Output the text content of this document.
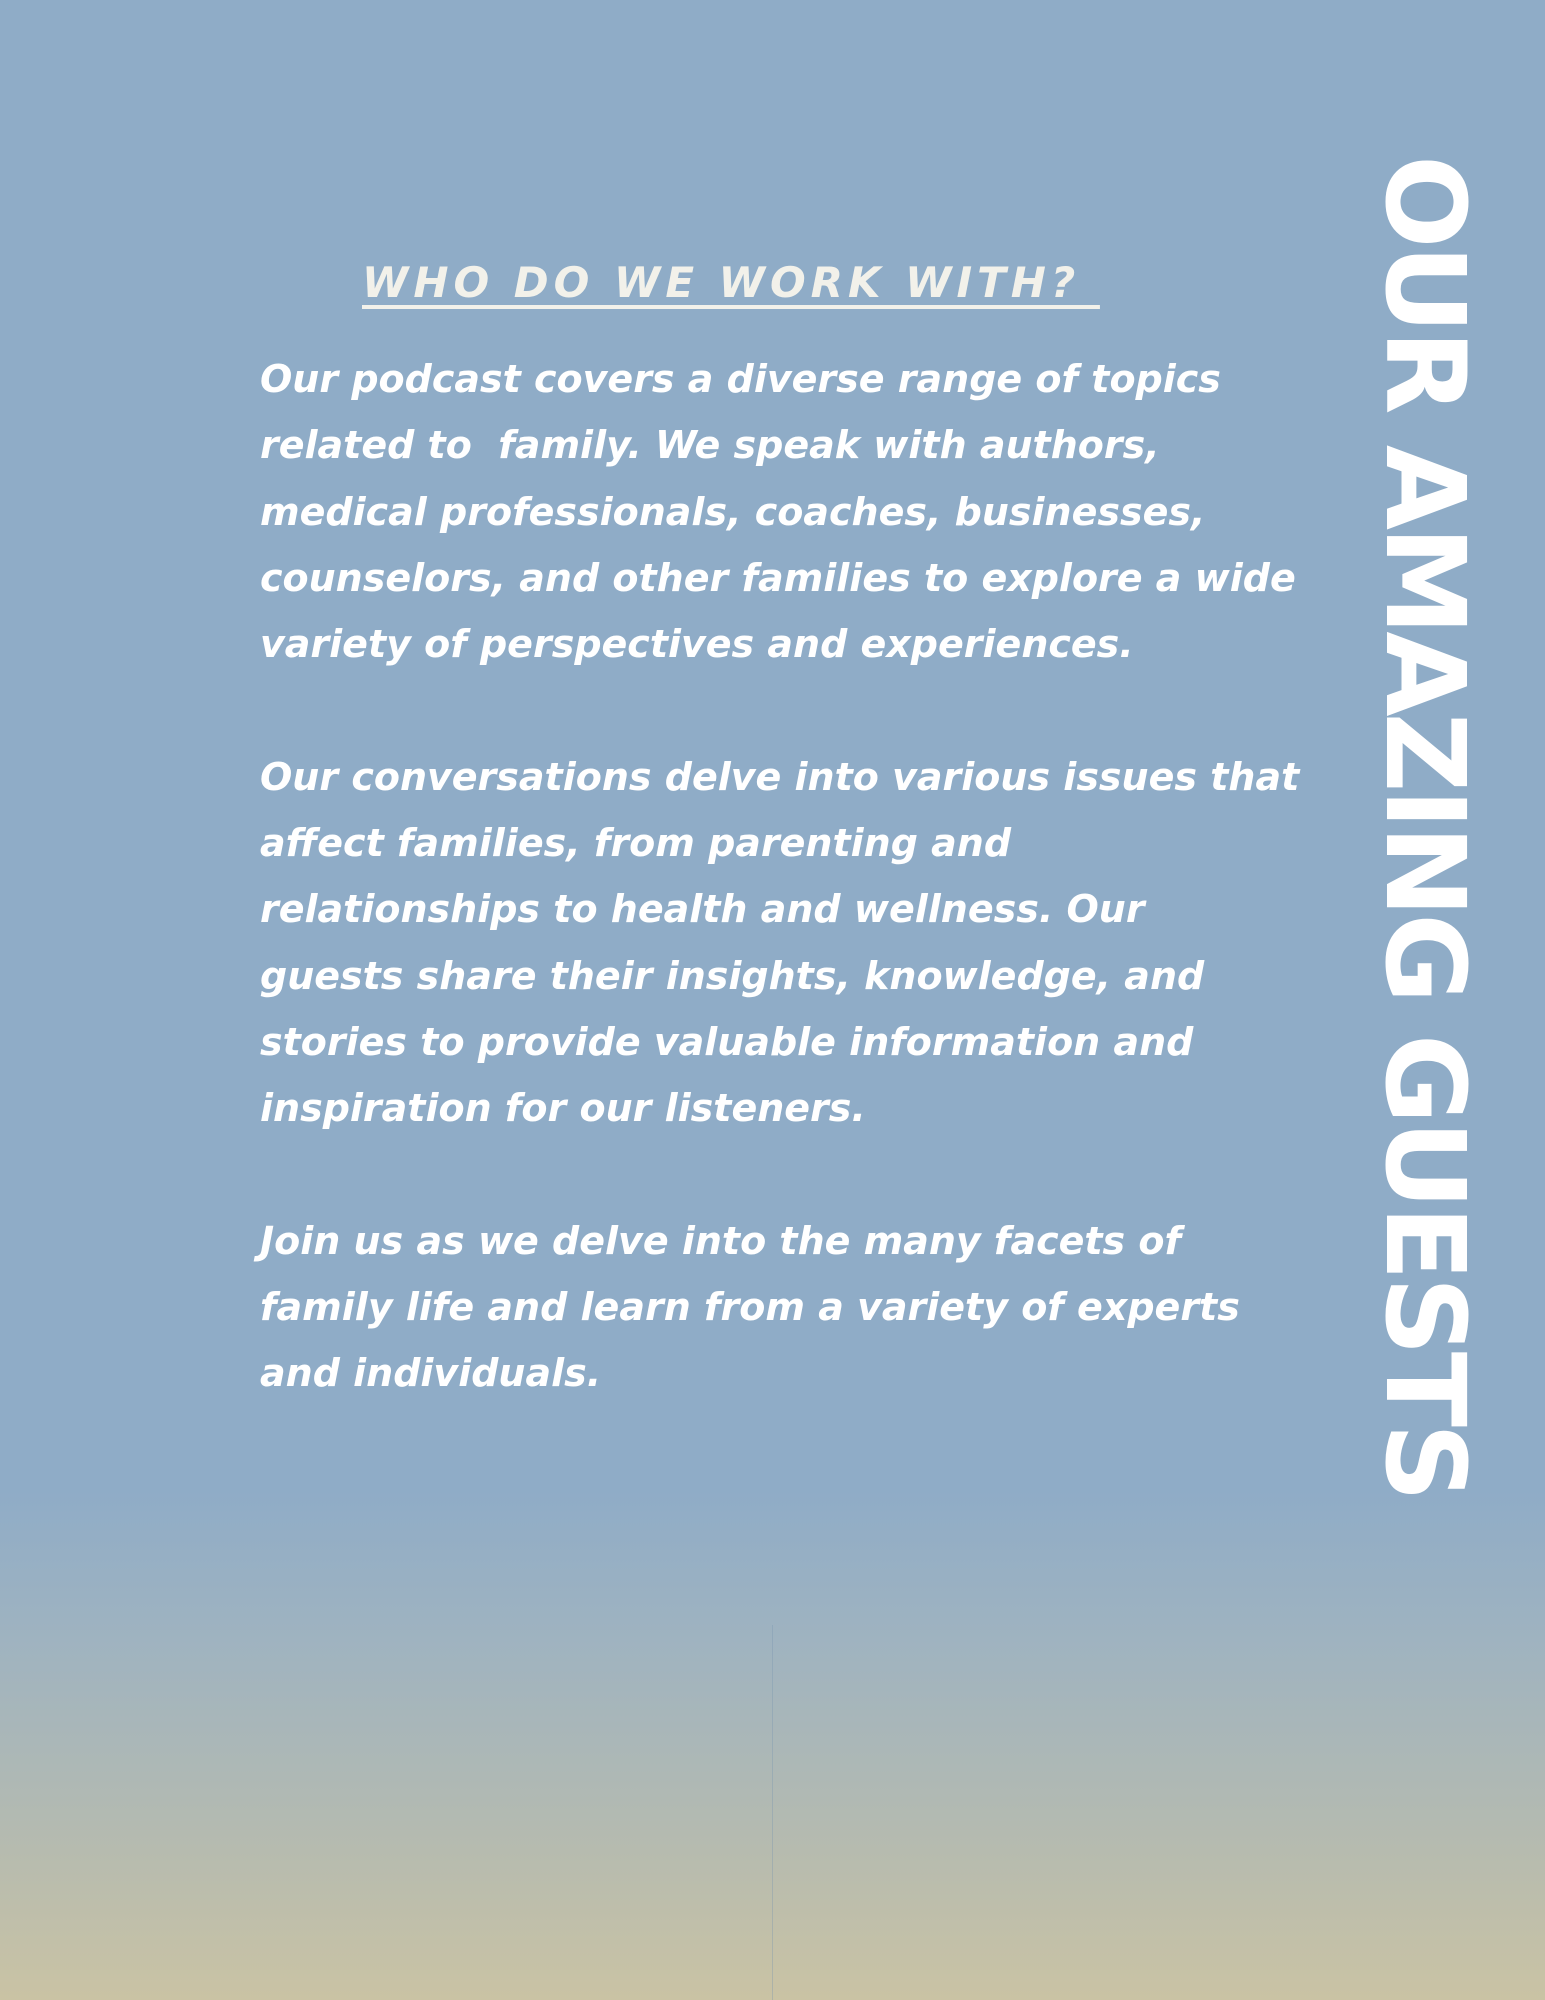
WHO DO WE WORK WITH?

Our podcast covers a diverse range of topics related to  family. We speak with authors, medical professionals, coaches, businesses, counselors, and other families to explore a wide variety of perspectives and experiences.

Our conversations delve into various issues that affect families, from parenting and relationships to health and wellness. Our guests share their insights, knowledge, and stories to provide valuable information and inspiration for our listeners.

Join us as we delve into the many facets of family life and learn from a variety of experts and individuals.	OUR AMAZING GUESTS
